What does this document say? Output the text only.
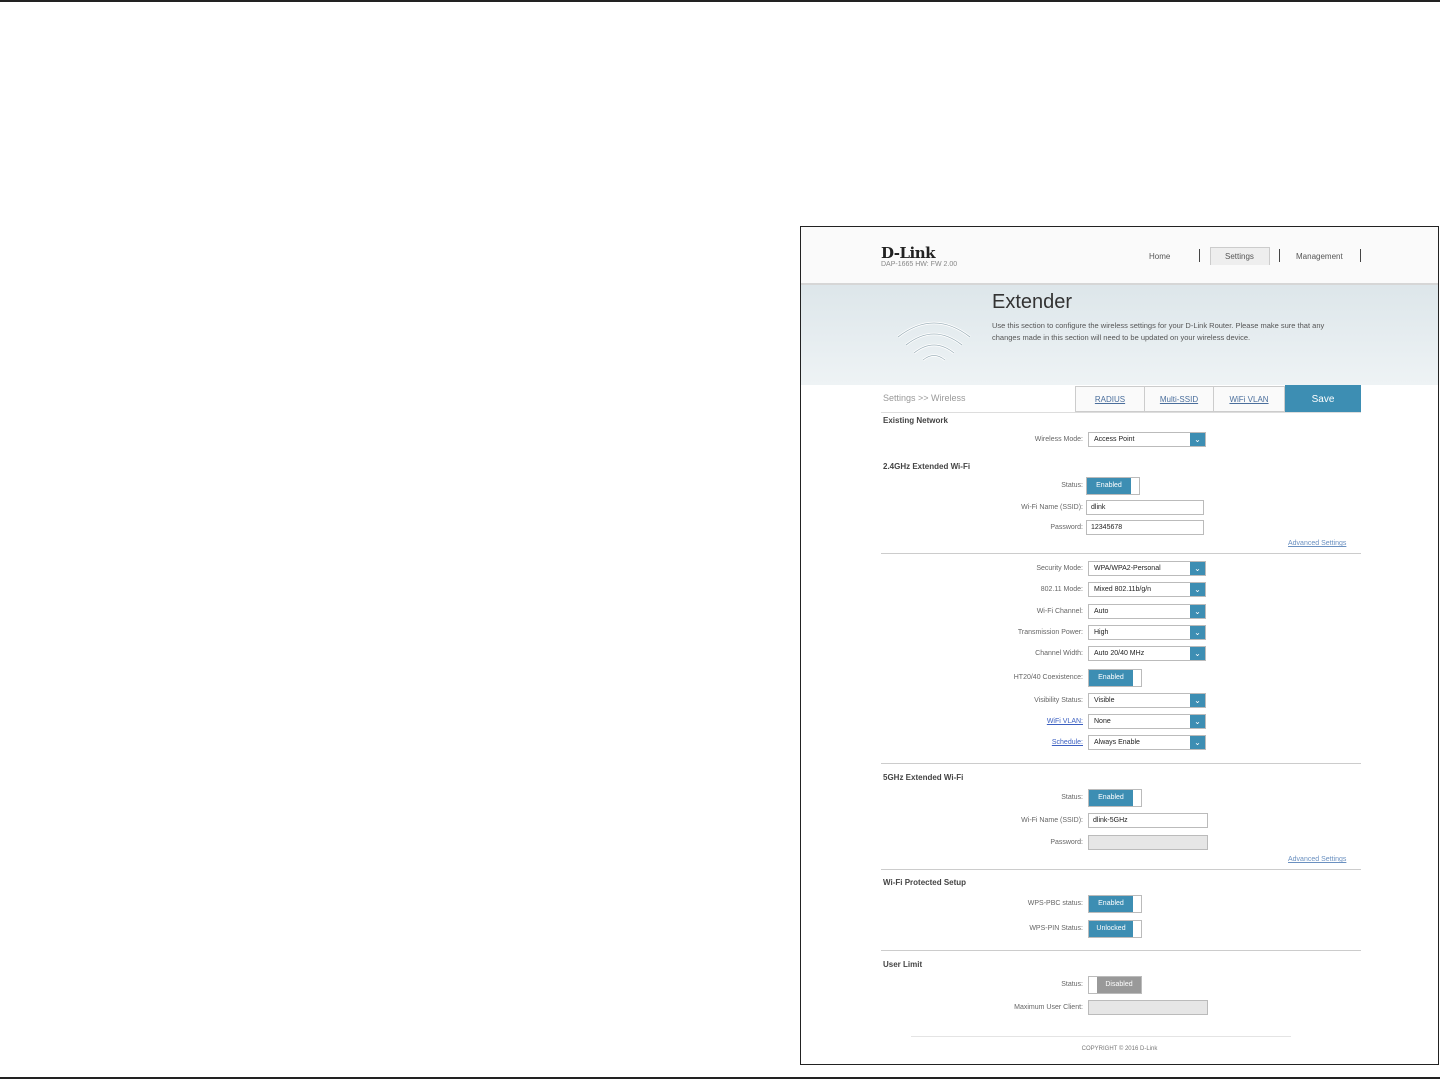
D-Link
DAP-1665 HW: FW 2.00
Home	Settings	Management
Extender
Use this section to configure the wireless settings for your D-Link Router. Please make sure that any changes made in this section will need to be updated on your wireless device.
Settings >> Wireless	RADIUS	Multi-SSID	WiFi VLAN	Save
Existing Network
Wireless Mode: Access Point	⌄
2.4GHz Extended Wi-Fi
Status:	Enabled
Wi-Fi Name (SSID): dlink
Password: 12345678
Advanced Settings
Security Mode: WPA/WPA2-Personal	⌄
802.11 Mode: Mixed 802.11b/g/n	⌄
Wi-Fi Channel: Auto	⌄
Transmission Power: High	⌄
Channel Width: Auto 20/40 MHz	⌄
HT20/40 Coexistence:	Enabled
Visibility Status: Visible	⌄
WiFi VLAN: None	⌄
Schedule: Always Enable	⌄
5GHz Extended Wi-Fi
Status:	Enabled
Wi-Fi Name (SSID): dlink-5GHz
Password:
Advanced Settings
Wi-Fi Protected Setup
WPS-PBC status:	Enabled
WPS-PIN Status:	Unlocked
User Limit
Status:	Disabled
Maximum User Client:
COPYRIGHT © 2016 D-Link
